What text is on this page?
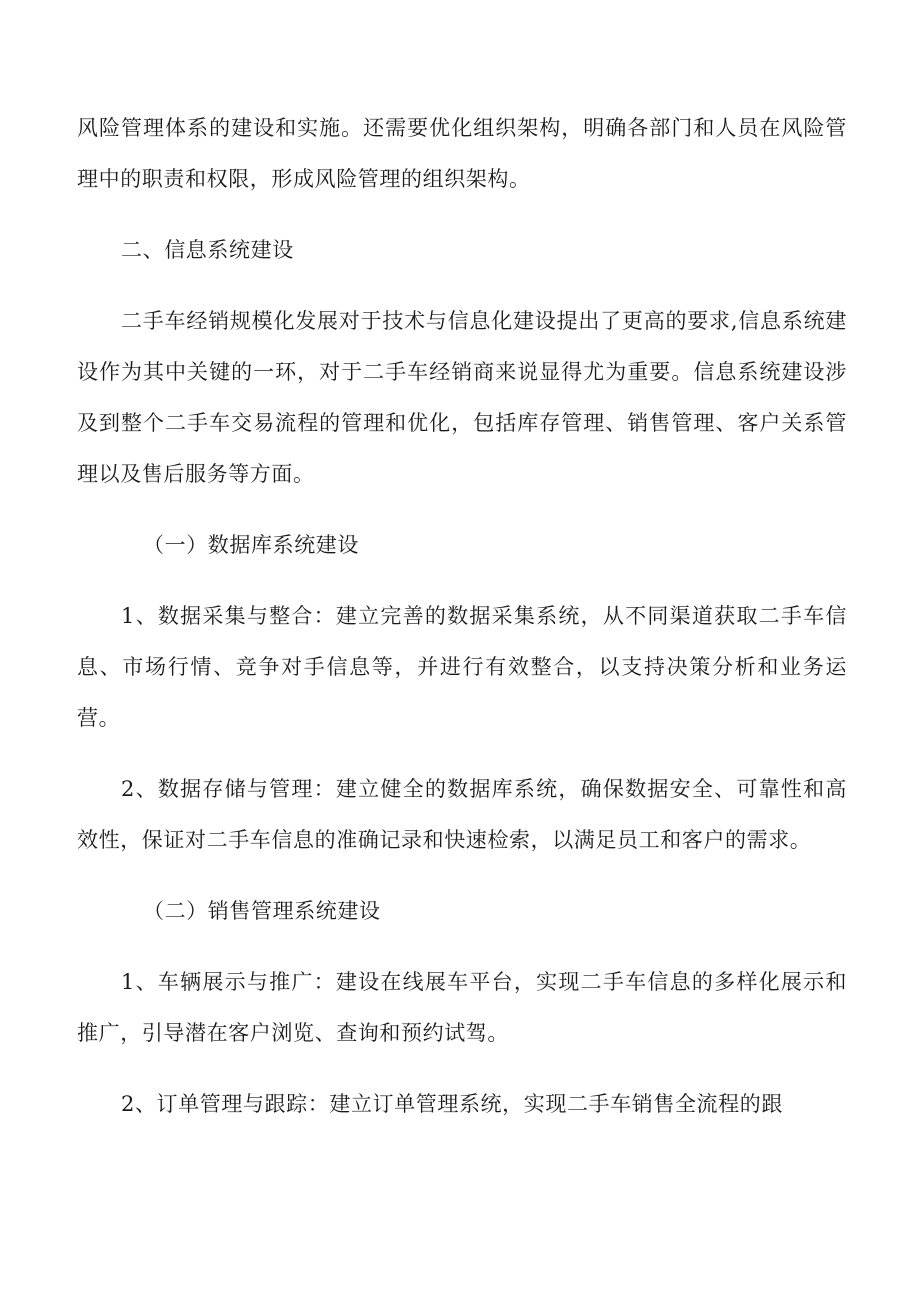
风险管理体系的建设和实施。还需要优化组织架构，明确各部门和人员在风险管理中的职责和权限，形成风险管理的组织架构。

二、信息系统建设

二手车经销规模化发展对于技术与信息化建设提出了更高的要求,信息系统建设作为其中关键的一环，对于二手车经销商来说显得尤为重要。信息系统建设涉及到整个二手车交易流程的管理和优化，包括库存管理、销售管理、客户关系管理以及售后服务等方面。

（一）数据库系统建设

1、数据采集与整合：建立完善的数据采集系统，从不同渠道获取二手车信息、市场行情、竞争对手信息等，并进行有效整合，以支持决策分析和业务运营。

2、数据存储与管理：建立健全的数据库系统，确保数据安全、可靠性和高效性，保证对二手车信息的准确记录和快速检索，以满足员工和客户的需求。

（二）销售管理系统建设

1、车辆展示与推广：建设在线展车平台，实现二手车信息的多样化展示和推广，引导潜在客户浏览、查询和预约试驾。

2、订单管理与跟踪：建立订单管理系统，实现二手车销售全流程的跟
